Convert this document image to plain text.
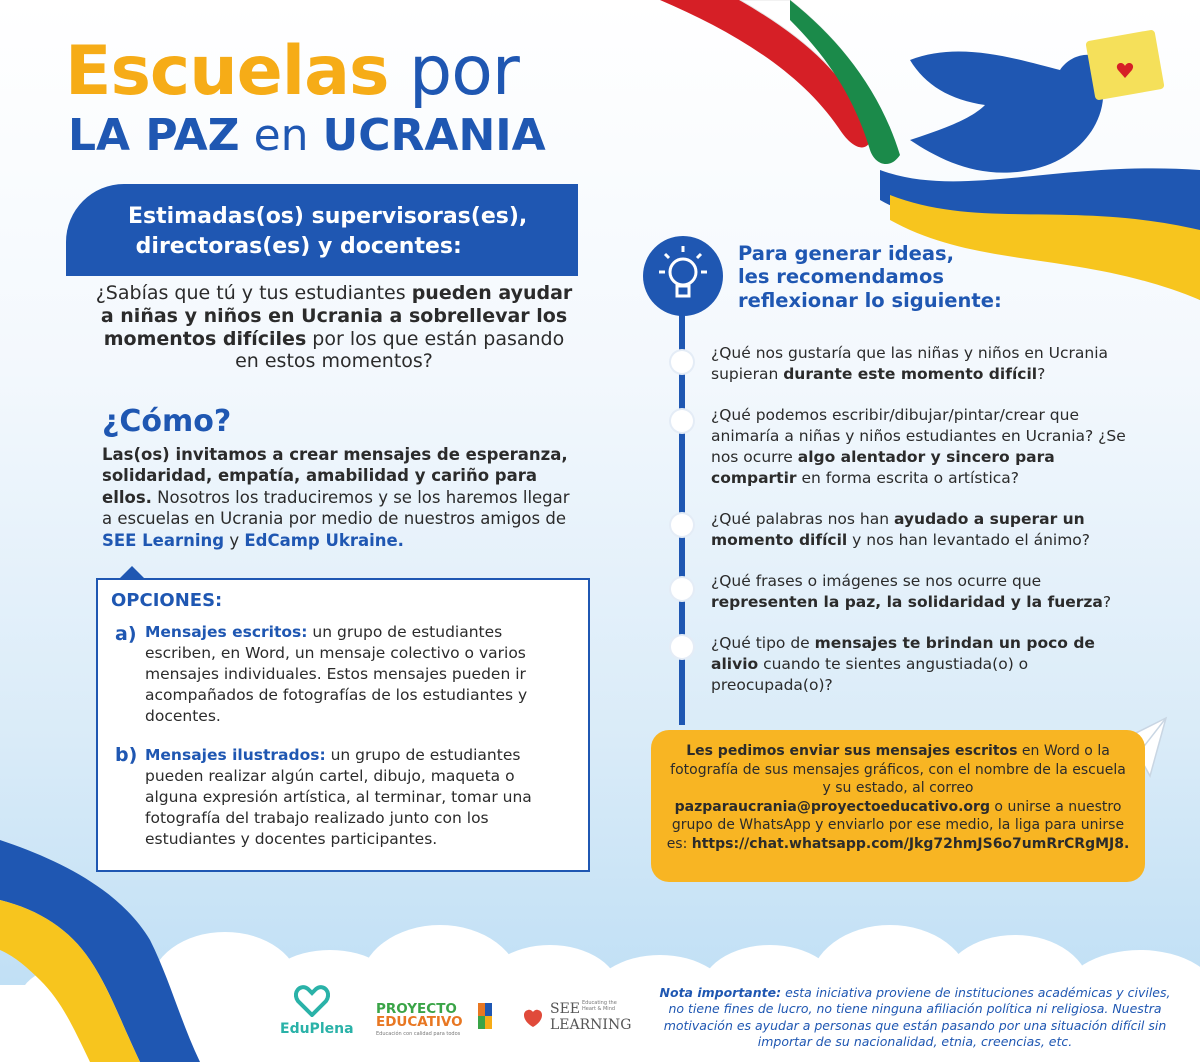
Escuelas por
LA PAZ en UCRANIA
Estimadas(os) supervisoras(es),
directoras(es) y docentes:
¿Sabías que tú y tus estudiantes pueden ayudar a niñas y niños en Ucrania a sobrellevar los momentos difíciles por los que están pasando en estos momentos?
¿Cómo?
Las(os) invitamos a crear mensajes de esperanza, solidaridad, empatía, amabilidad y cariño para ellos. Nosotros los traduciremos y se los haremos llegar a escuelas en Ucrania por medio de nuestros amigos de SEE Learning y EdCamp Ukraine.
OPCIONES:
a) Mensajes escritos: un grupo de estudiantes escriben, en Word, un mensaje colectivo o varios mensajes individuales. Estos mensajes pueden ir acompañados de fotografías de los estudiantes y docentes.
b) Mensajes ilustrados: un grupo de estudiantes pueden realizar algún cartel, dibujo, maqueta o alguna expresión artística, al terminar, tomar una fotografía del trabajo realizado junto con los estudiantes y docentes participantes.
Para generar ideas,
les recomendamos
reflexionar lo siguiente:
¿Qué nos gustaría que las niñas y niños en Ucrania supieran durante este momento difícil?
¿Qué podemos escribir/dibujar/pintar/crear que animaría a niñas y niños estudiantes en Ucrania? ¿Se nos ocurre algo alentador y sincero para compartir en forma escrita o artística?
¿Qué palabras nos han ayudado a superar un momento difícil y nos han levantado el ánimo?
¿Qué frases o imágenes se nos ocurre que representen la paz, la solidaridad y la fuerza?
¿Qué tipo de mensajes te brindan un poco de alivio cuando te sientes angustiada(o) o preocupada(o)?
Les pedimos enviar sus mensajes escritos en Word o la fotografía de sus mensajes gráficos, con el nombre de la escuela y su estado, al correo pazparaucrania@proyectoeducativo.org o unirse a nuestro grupo de WhatsApp y enviarlo por ese medio, la liga para unirse es: https://chat.whatsapp.com/Jkg72hmJS6o7umRrCRgMJ8.
EduPlena
PROYECTO
EDUCATIVO
Educación con calidad para todos
SEE Educating the Heart & Mind
LEARNING
Nota importante: esta iniciativa proviene de instituciones académicas y civiles, no tiene fines de lucro, no tiene ninguna afiliación política ni religiosa. Nuestra motivación es ayudar a personas que están pasando por una situación difícil sin importar de su nacionalidad, etnia, creencias, etc.
